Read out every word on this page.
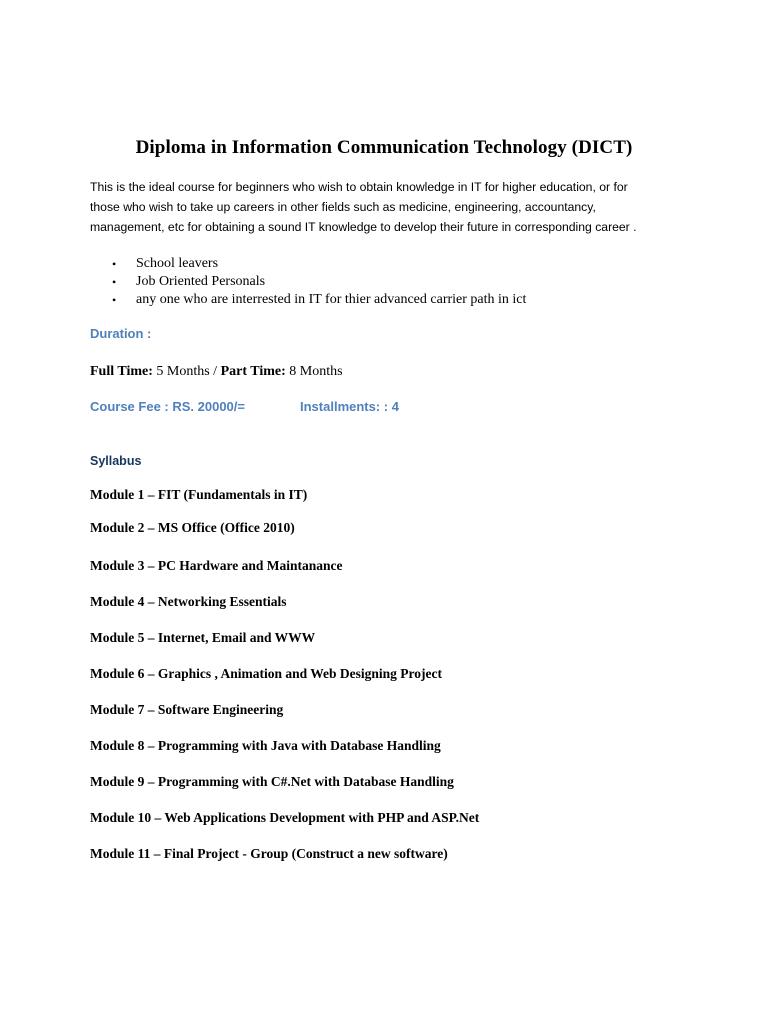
Diploma in Information Communication Technology (DICT)

This is the ideal course for beginners who wish to obtain knowledge in IT for higher education, or for
those who wish to take up careers in other fields such as medicine, engineering, accountancy,
management, etc for obtaining a sound IT knowledge to develop their future in corresponding career .

• School leavers
• Job Oriented Personals
• any one who are interrested in IT for thier advanced carrier path in ict

Duration :

Full Time: 5 Months / Part Time: 8 Months

Course Fee : RS. 20000/=	Installments: : 4

Syllabus

Module 1 – FIT (Fundamentals in IT)

Module 2 – MS Office (Office 2010)

Module 3 – PC Hardware and Maintanance

Module 4 – Networking Essentials

Module 5 – Internet, Email and WWW

Module 6 – Graphics , Animation and Web Designing Project

Module 7 – Software Engineering

Module 8 – Programming with Java with Database Handling

Module 9 – Programming with C#.Net with Database Handling

Module 10 – Web Applications Development with PHP and ASP.Net

Module 11 – Final Project - Group (Construct a new software)
